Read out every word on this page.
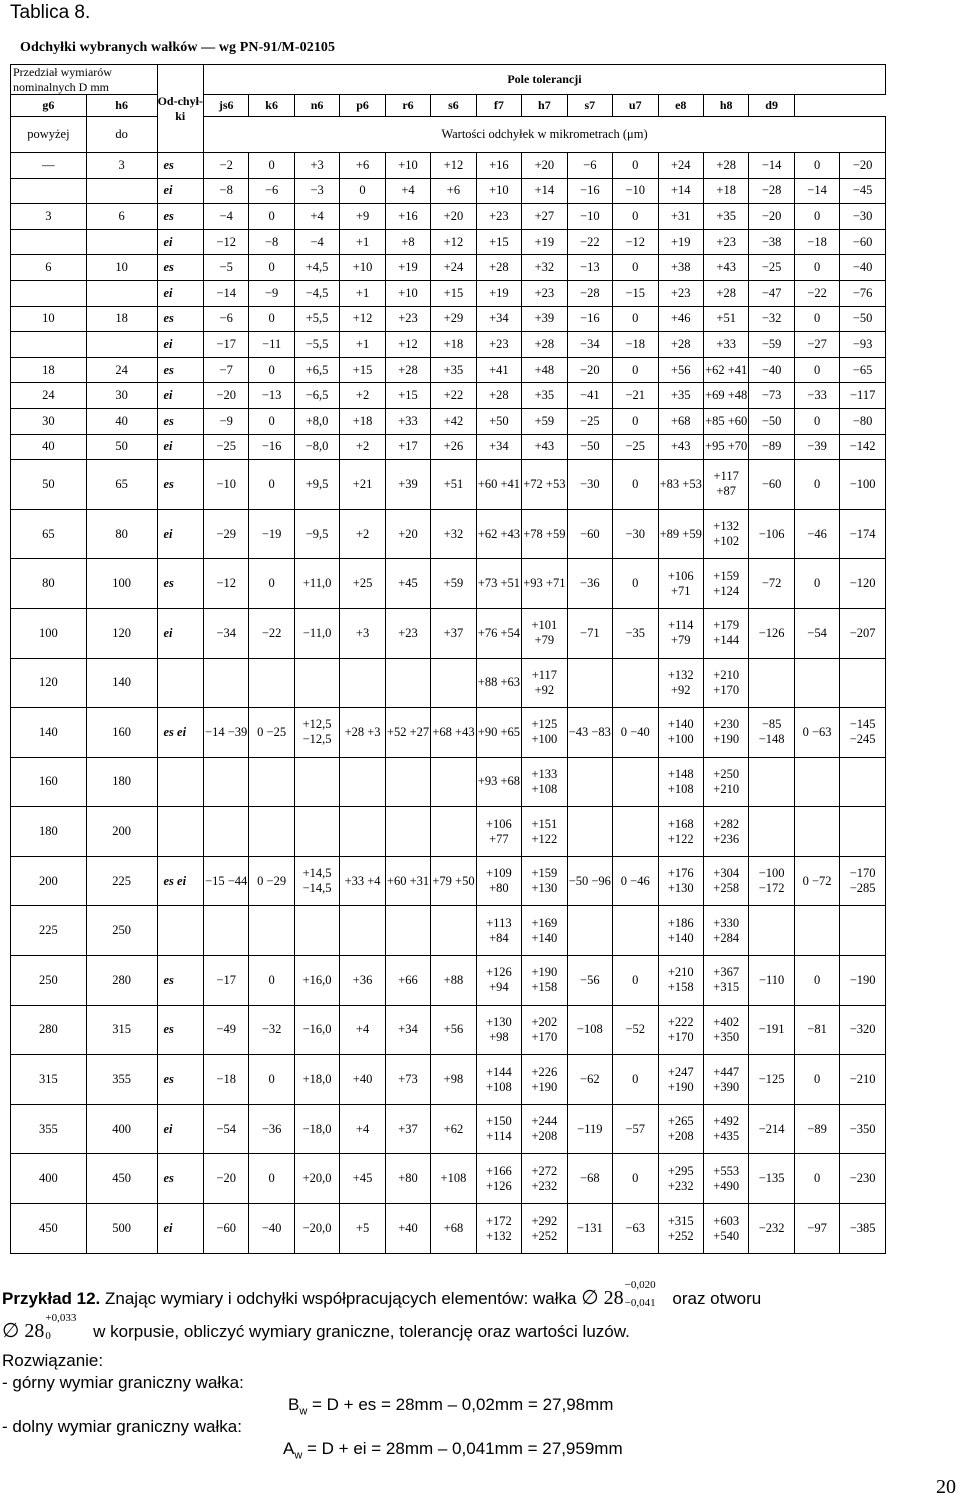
Tablica 8.
Odchyłki wybranych wałków — wg PN-91/M-02105
Przedział wymiarów nominalnych D mm		Od-chył-ki	Pole tolerancji														
g6	h6		js6	k6	n6	p6	r6	s6	f7	h7	s7	u7	e8	h8	d9		
powyżej	do		Wartości odchyłek w mikrometrach (μm)														
—	3	es	−2	0	+3	+6	+10	+12	+16	+20	−6	0	+24	+28	−14	0	−20
		ei	−8	−6	−3	0	+4	+6	+10	+14	−16	−10	+14	+18	−28	−14	−45
3	6	es	−4	0	+4	+9	+16	+20	+23	+27	−10	0	+31	+35	−20	0	−30
		ei	−12	−8	−4	+1	+8	+12	+15	+19	−22	−12	+19	+23	−38	−18	−60
6	10	es	−5	0	+4,5	+10	+19	+24	+28	+32	−13	0	+38	+43	−25	0	−40
		ei	−14	−9	−4,5	+1	+10	+15	+19	+23	−28	−15	+23	+28	−47	−22	−76
10	18	es	−6	0	+5,5	+12	+23	+29	+34	+39	−16	0	+46	+51	−32	0	−50
		ei	−17	−11	−5,5	+1	+12	+18	+23	+28	−34	−18	+28	+33	−59	−27	−93
18	24	es	−7	0	+6,5	+15	+28	+35	+41	+48	−20	0	+56	+62 +41	−40	0	−65
24	30	ei	−20	−13	−6,5	+2	+15	+22	+28	+35	−41	−21	+35	+69 +48	−73	−33	−117
30	40	es	−9	0	+8,0	+18	+33	+42	+50	+59	−25	0	+68	+85 +60	−50	0	−80
40	50	ei	−25	−16	−8,0	+2	+17	+26	+34	+43	−50	−25	+43	+95 +70	−89	−39	−142
50	65	es	−10	0	+9,5	+21	+39	+51	+60 +41	+72 +53	−30	0	+83 +53	+117 +87	−60	0	−100
65	80	ei	−29	−19	−9,5	+2	+20	+32	+62 +43	+78 +59	−60	−30	+89 +59	+132 +102	−106	−46	−174
80	100	es	−12	0	+11,0	+25	+45	+59	+73 +51	+93 +71	−36	0	+106 +71	+159 +124	−72	0	−120
100	120	ei	−34	−22	−11,0	+3	+23	+37	+76 +54	+101 +79	−71	−35	+114 +79	+179 +144	−126	−54	−207
120	140								+88 +63	+117 +92			+132 +92	+210 +170			
140	160	es ei	−14 −39	0 −25	+12,5 −12,5	+28 +3	+52 +27	+68 +43	+90 +65	+125 +100	−43 −83	0 −40	+140 +100	+230 +190	−85 −148	0 −63	−145 −245
160	180								+93 +68	+133 +108			+148 +108	+250 +210			
180	200								+106 +77	+151 +122			+168 +122	+282 +236			
200	225	es ei	−15 −44	0 −29	+14,5 −14,5	+33 +4	+60 +31	+79 +50	+109 +80	+159 +130	−50 −96	0 −46	+176 +130	+304 +258	−100 −172	0 −72	−170 −285
225	250								+113 +84	+169 +140			+186 +140	+330 +284			
250	280	es	−17	0	+16,0	+36	+66	+88	+126 +94	+190 +158	−56	0	+210 +158	+367 +315	−110	0	−190
280	315	es	−49	−32	−16,0	+4	+34	+56	+130 +98	+202 +170	−108	−52	+222 +170	+402 +350	−191	−81	−320
315	355	es	−18	0	+18,0	+40	+73	+98	+144 +108	+226 +190	−62	0	+247 +190	+447 +390	−125	0	−210
355	400	ei	−54	−36	−18,0	+4	+37	+62	+150 +114	+244 +208	−119	−57	+265 +208	+492 +435	−214	−89	−350
400	450	es	−20	0	+20,0	+45	+80	+108	+166 +126	+272 +232	−68	0	+295 +232	+553 +490	−135	0	−230
450	500	ei	−60	−40	−20,0	+5	+40	+68	+172 +132	+292 +252	−131	−63	+315 +252	+603 +540	−232	−97	−385
Przykład 12. Znając wymiary i odchyłki współpracujących elementów: wałka ∅ 28
−0,020
−0,041 oraz otworu
∅ 28
+0,033
0 w korpusie, obliczyć wymiary graniczne, tolerancję oraz wartości luzów.
Rozwiązanie:
- górny wymiar graniczny wałka:
$B_w = D$ + es = 28mm – 0,02mm = 27,98mm
- dolny wymiar graniczny wałka:
$A_w = D$ + ei = 28mm – 0,041mm = 27,959mm
20
